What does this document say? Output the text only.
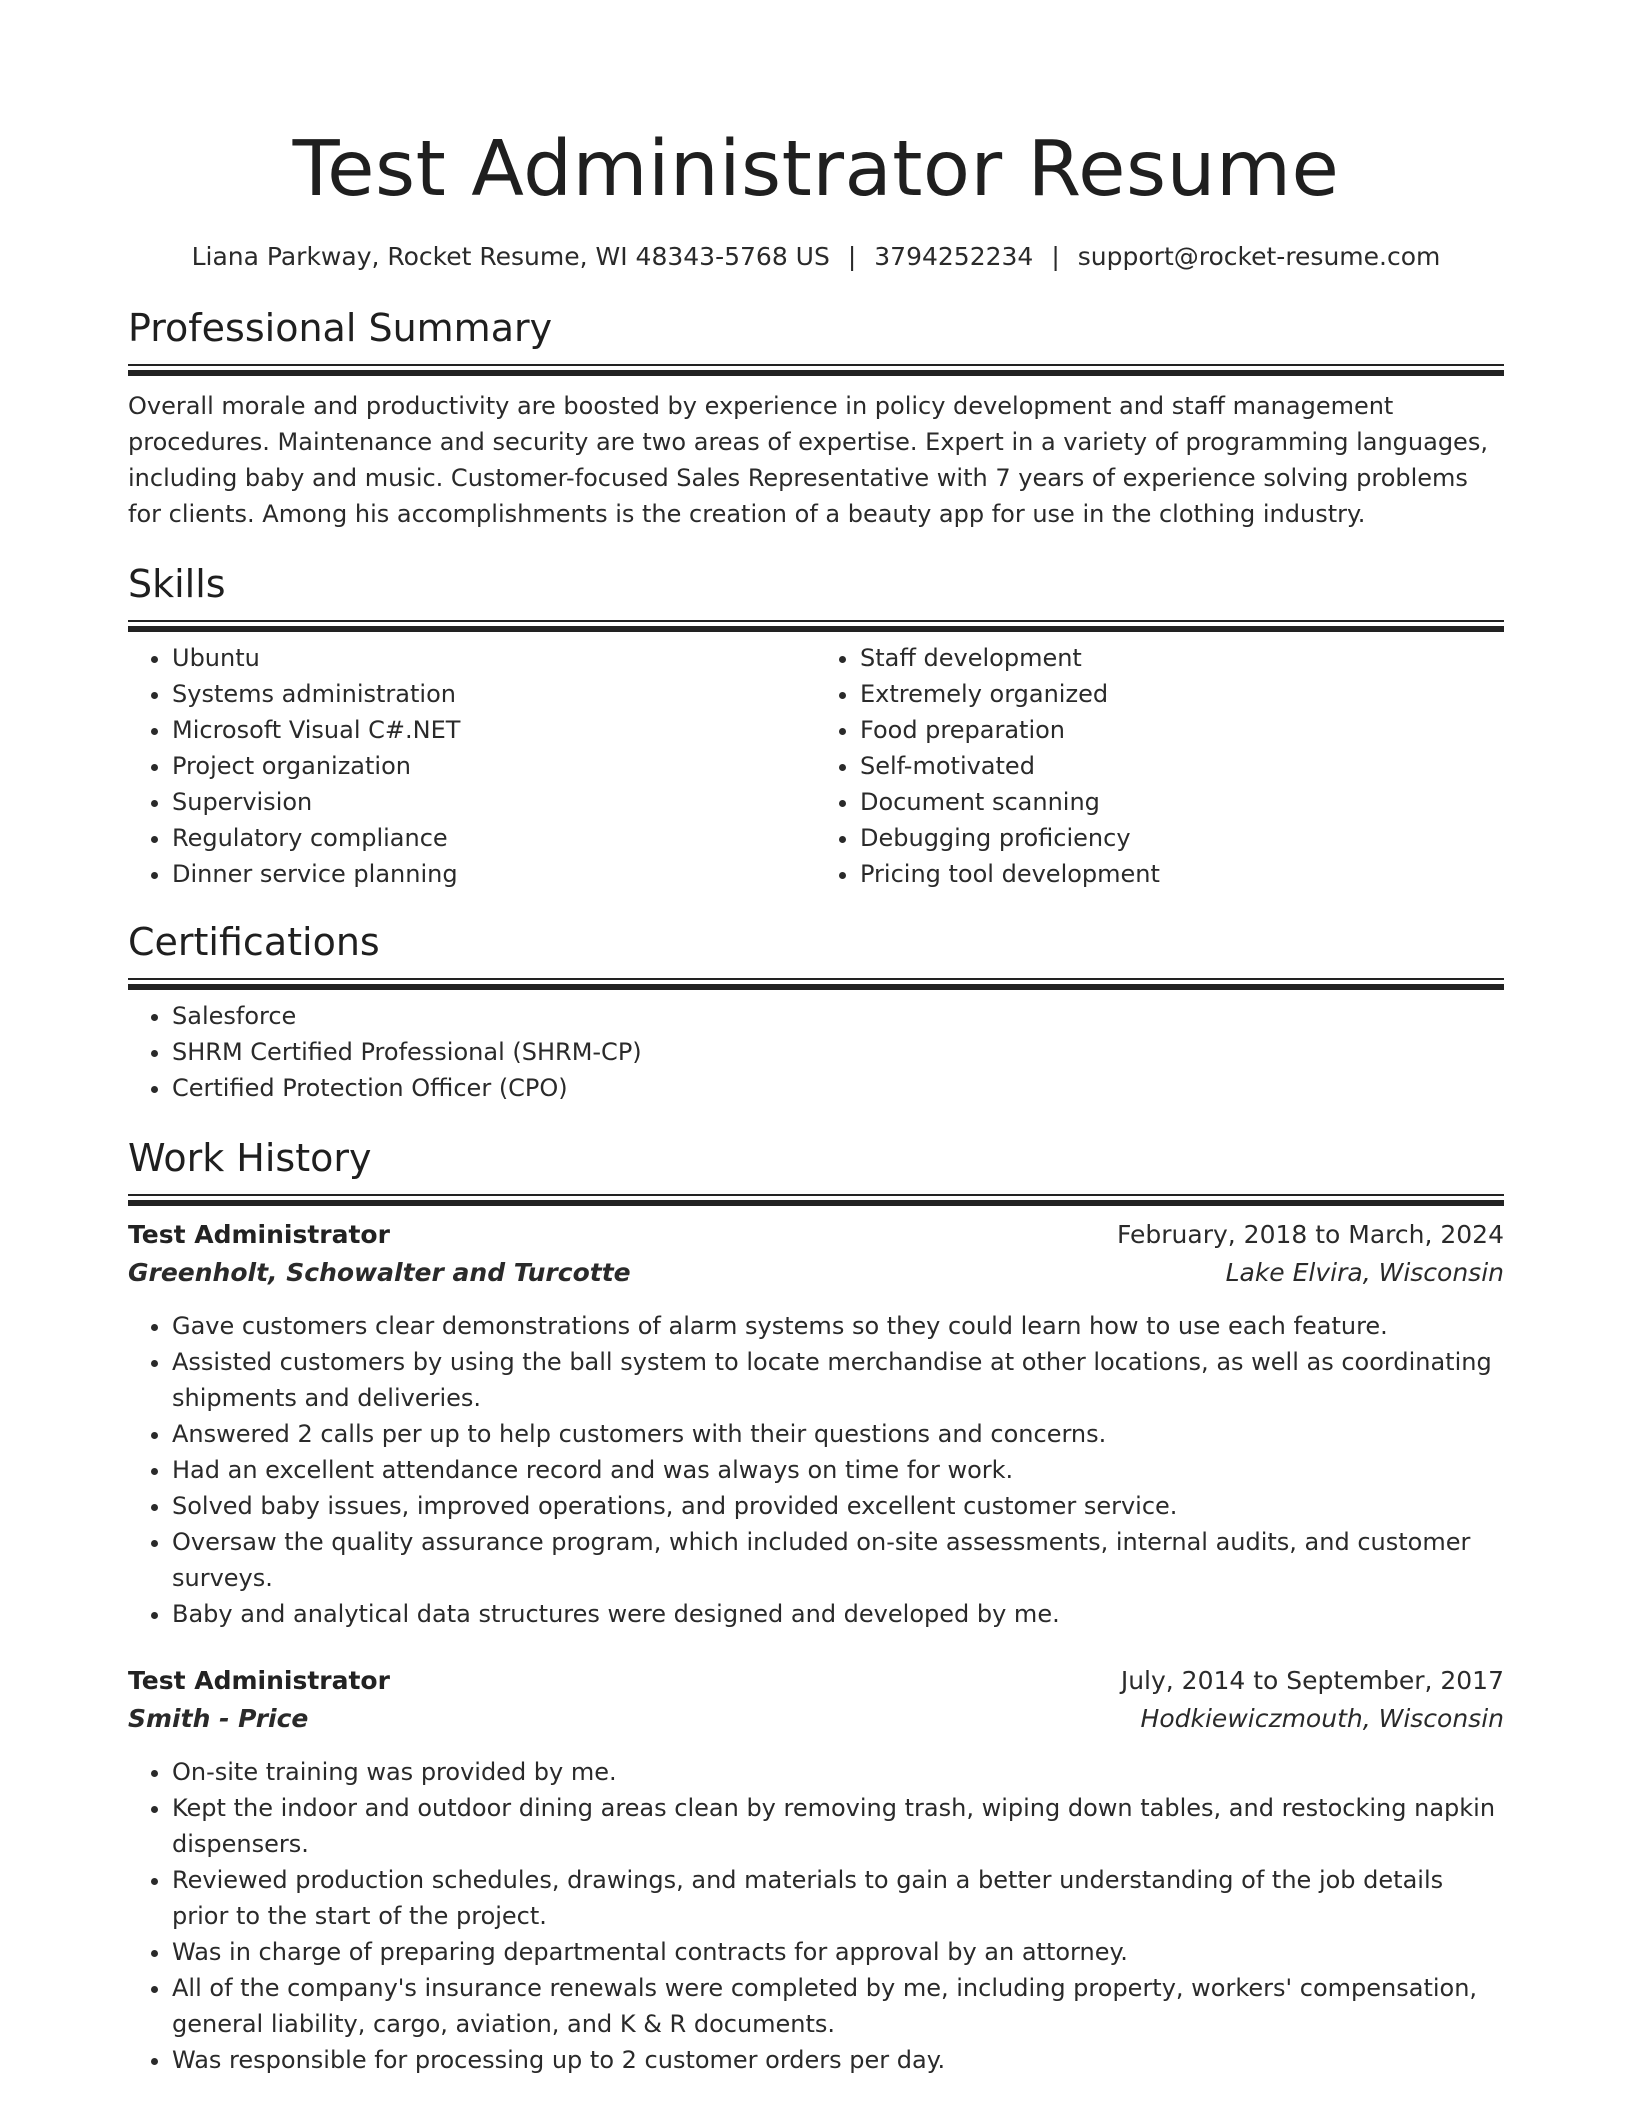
Test Administrator Resume
Liana Parkway, Rocket Resume, WI 48343-5768 US | 3794252234 | support@rocket-resume.com
Professional Summary
Overall morale and productivity are boosted by experience in policy development and staff management procedures. Maintenance and security are two areas of expertise. Expert in a variety of programming languages, including baby and music. Customer-focused Sales Representative with 7 years of experience solving problems for clients. Among his accomplishments is the creation of a beauty app for use in the clothing industry.
Skills
• Ubuntu
• Systems administration
• Microsoft Visual C#.NET
• Project organization
• Supervision
• Regulatory compliance
• Dinner service planning
• Staff development
• Extremely organized
• Food preparation
• Self-motivated
• Document scanning
• Debugging proficiency
• Pricing tool development
Certifications
• Salesforce
• SHRM Certified Professional (SHRM-CP)
• Certified Protection Officer (CPO)
Work History
Test Administrator	February, 2018 to March, 2024
Greenholt, Schowalter and Turcotte	Lake Elvira, Wisconsin
• Gave customers clear demonstrations of alarm systems so they could learn how to use each feature.
• Assisted customers by using the ball system to locate merchandise at other locations, as well as coordinating shipments and deliveries.
• Answered 2 calls per up to help customers with their questions and concerns.
• Had an excellent attendance record and was always on time for work.
• Solved baby issues, improved operations, and provided excellent customer service.
• Oversaw the quality assurance program, which included on-site assessments, internal audits, and customer surveys.
• Baby and analytical data structures were designed and developed by me.
Test Administrator	July, 2014 to September, 2017
Smith - Price	Hodkiewiczmouth, Wisconsin
• On-site training was provided by me.
• Kept the indoor and outdoor dining areas clean by removing trash, wiping down tables, and restocking napkin dispensers.
• Reviewed production schedules, drawings, and materials to gain a better understanding of the job details prior to the start of the project.
• Was in charge of preparing departmental contracts for approval by an attorney.
• All of the company's insurance renewals were completed by me, including property, workers' compensation, general liability, cargo, aviation, and K & R documents.
• Was responsible for processing up to 2 customer orders per day.
